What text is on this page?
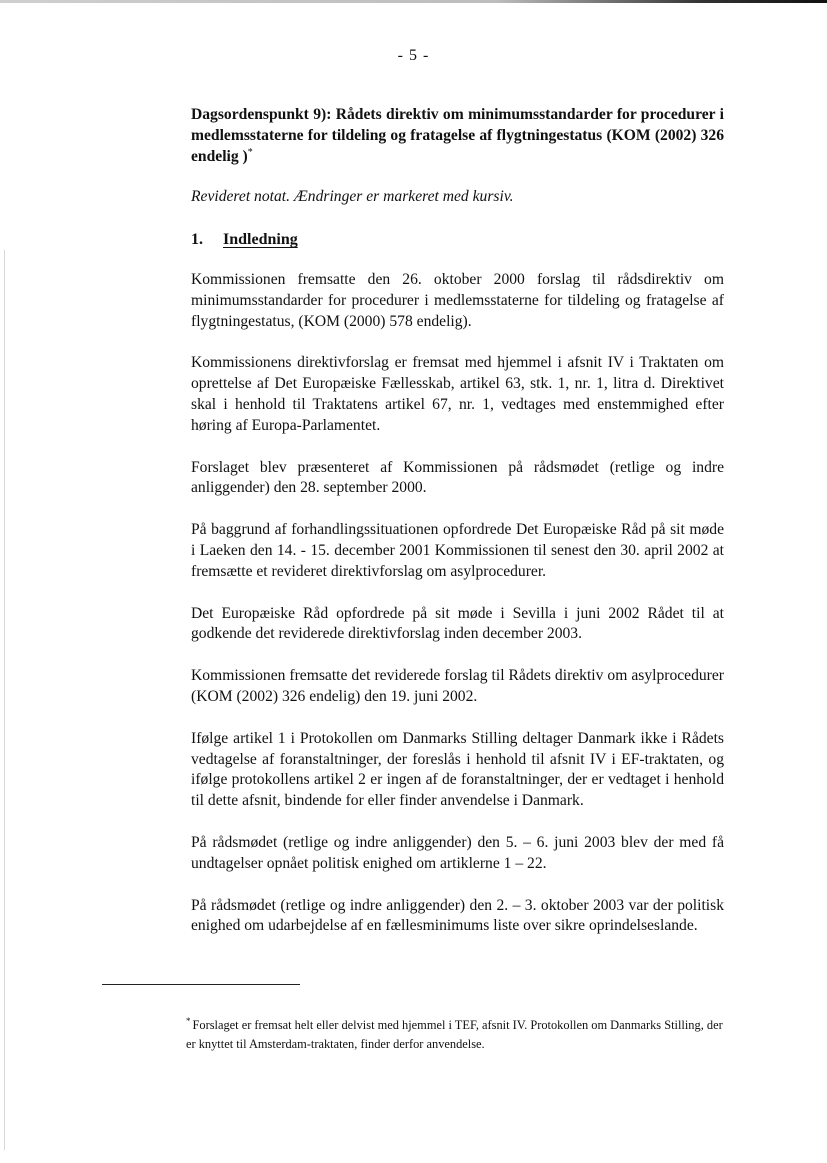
- 5 -

Dagsordenspunkt 9): Rådets direktiv om minimumsstandarder for procedurer i medlemsstaterne for tildeling og fratagelse af flygtningestatus (KOM (2002) 326 endelig )*

Revideret notat. Ændringer er markeret med kursiv.

1. Indledning

Kommissionen fremsatte den 26. oktober 2000 forslag til rådsdirektiv om minimumsstandarder for procedurer i medlemsstaterne for tildeling og fratagelse af flygtningestatus, (KOM (2000) 578 endelig).

Kommissionens direktivforslag er fremsat med hjemmel i afsnit IV i Traktaten om oprettelse af Det Europæiske Fællesskab, artikel 63, stk. 1, nr. 1, litra d. Direktivet skal i henhold til Traktatens artikel 67, nr. 1, vedtages med enstemmighed efter høring af Europa-Parlamentet.

Forslaget blev præsenteret af Kommissionen på rådsmødet (retlige og indre anliggender) den 28. september 2000.

På baggrund af forhandlingssituationen opfordrede Det Europæiske Råd på sit møde i Laeken den 14. - 15. december 2001 Kommissionen til senest den 30. april 2002 at fremsætte et revideret direktivforslag om asylprocedurer.

Det Europæiske Råd opfordrede på sit møde i Sevilla i juni 2002 Rådet til at godkende det reviderede direktivforslag inden december 2003.

Kommissionen fremsatte det reviderede forslag til Rådets direktiv om asylprocedurer (KOM (2002) 326 endelig) den 19. juni 2002.

Ifølge artikel 1 i Protokollen om Danmarks Stilling deltager Danmark ikke i Rådets vedtagelse af foranstaltninger, der foreslås i henhold til afsnit IV i EF-traktaten, og ifølge protokollens artikel 2 er ingen af de foranstaltninger, der er vedtaget i henhold til dette afsnit, bindende for eller finder anvendelse i Danmark.

På rådsmødet (retlige og indre anliggender) den 5. – 6. juni 2003 blev der med få undtagelser opnået politisk enighed om artiklerne 1 – 22.

På rådsmødet (retlige og indre anliggender) den 2. – 3. oktober 2003 var der politisk enighed om udarbejdelse af en fællesminimums liste over sikre oprindelseslande.

* Forslaget er fremsat helt eller delvist med hjemmel i TEF, afsnit IV. Protokollen om Danmarks Stilling, der er knyttet til Amsterdam-traktaten, finder derfor anvendelse.
